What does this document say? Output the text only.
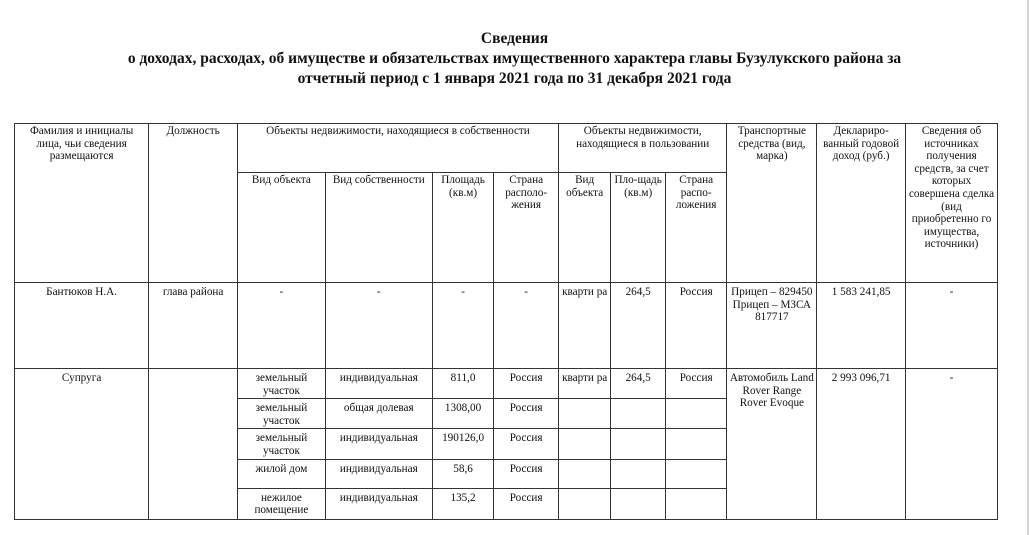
Сведения
о доходах, расходах, об имуществе и обязательствах имущественного характера главы Бузулукского района за
отчетный период с 1 января 2021 года по 31 декабря 2021 года
Фамилия и инициалы лица, чьи сведения размещаются	Должность	Объекты недвижимости, находящиеся в собственности				Объекты недвижимости, находящиеся в пользовании			Транспортные средства (вид, марка)	Деклариро-ванный годовой доход (руб.)	Сведения об источниках получения средств, за счет которых совершена сделка (вид приобретенно го имущества, источники)
		Вид объекта	Вид собственности	Площадь (кв.м)	Страна располо-жения	Вид объекта	Пло-щадь (кв.м)	Страна распо-ложения			
Бантюков Н.А.	глава района	-	-	-	-	кварти ра	264,5	Россия	Прицеп – 829450 Прицеп – МЗСА 817717	1 583 241,85	-
Супруга		земельный участок	индивидуальная	811,0	Россия	кварти ра	264,5	Россия	Автомобиль Land Rover Range Rover Evoque	2 993 096,71	-
		земельный участок	общая долевая	1308,00	Россия						
		земельный участок	индивидуальная	190126,0	Россия						
		жилой дом	индивидуальная	58,6	Россия						
		нежилое помещение	индивидуальная	135,2	Россия						
